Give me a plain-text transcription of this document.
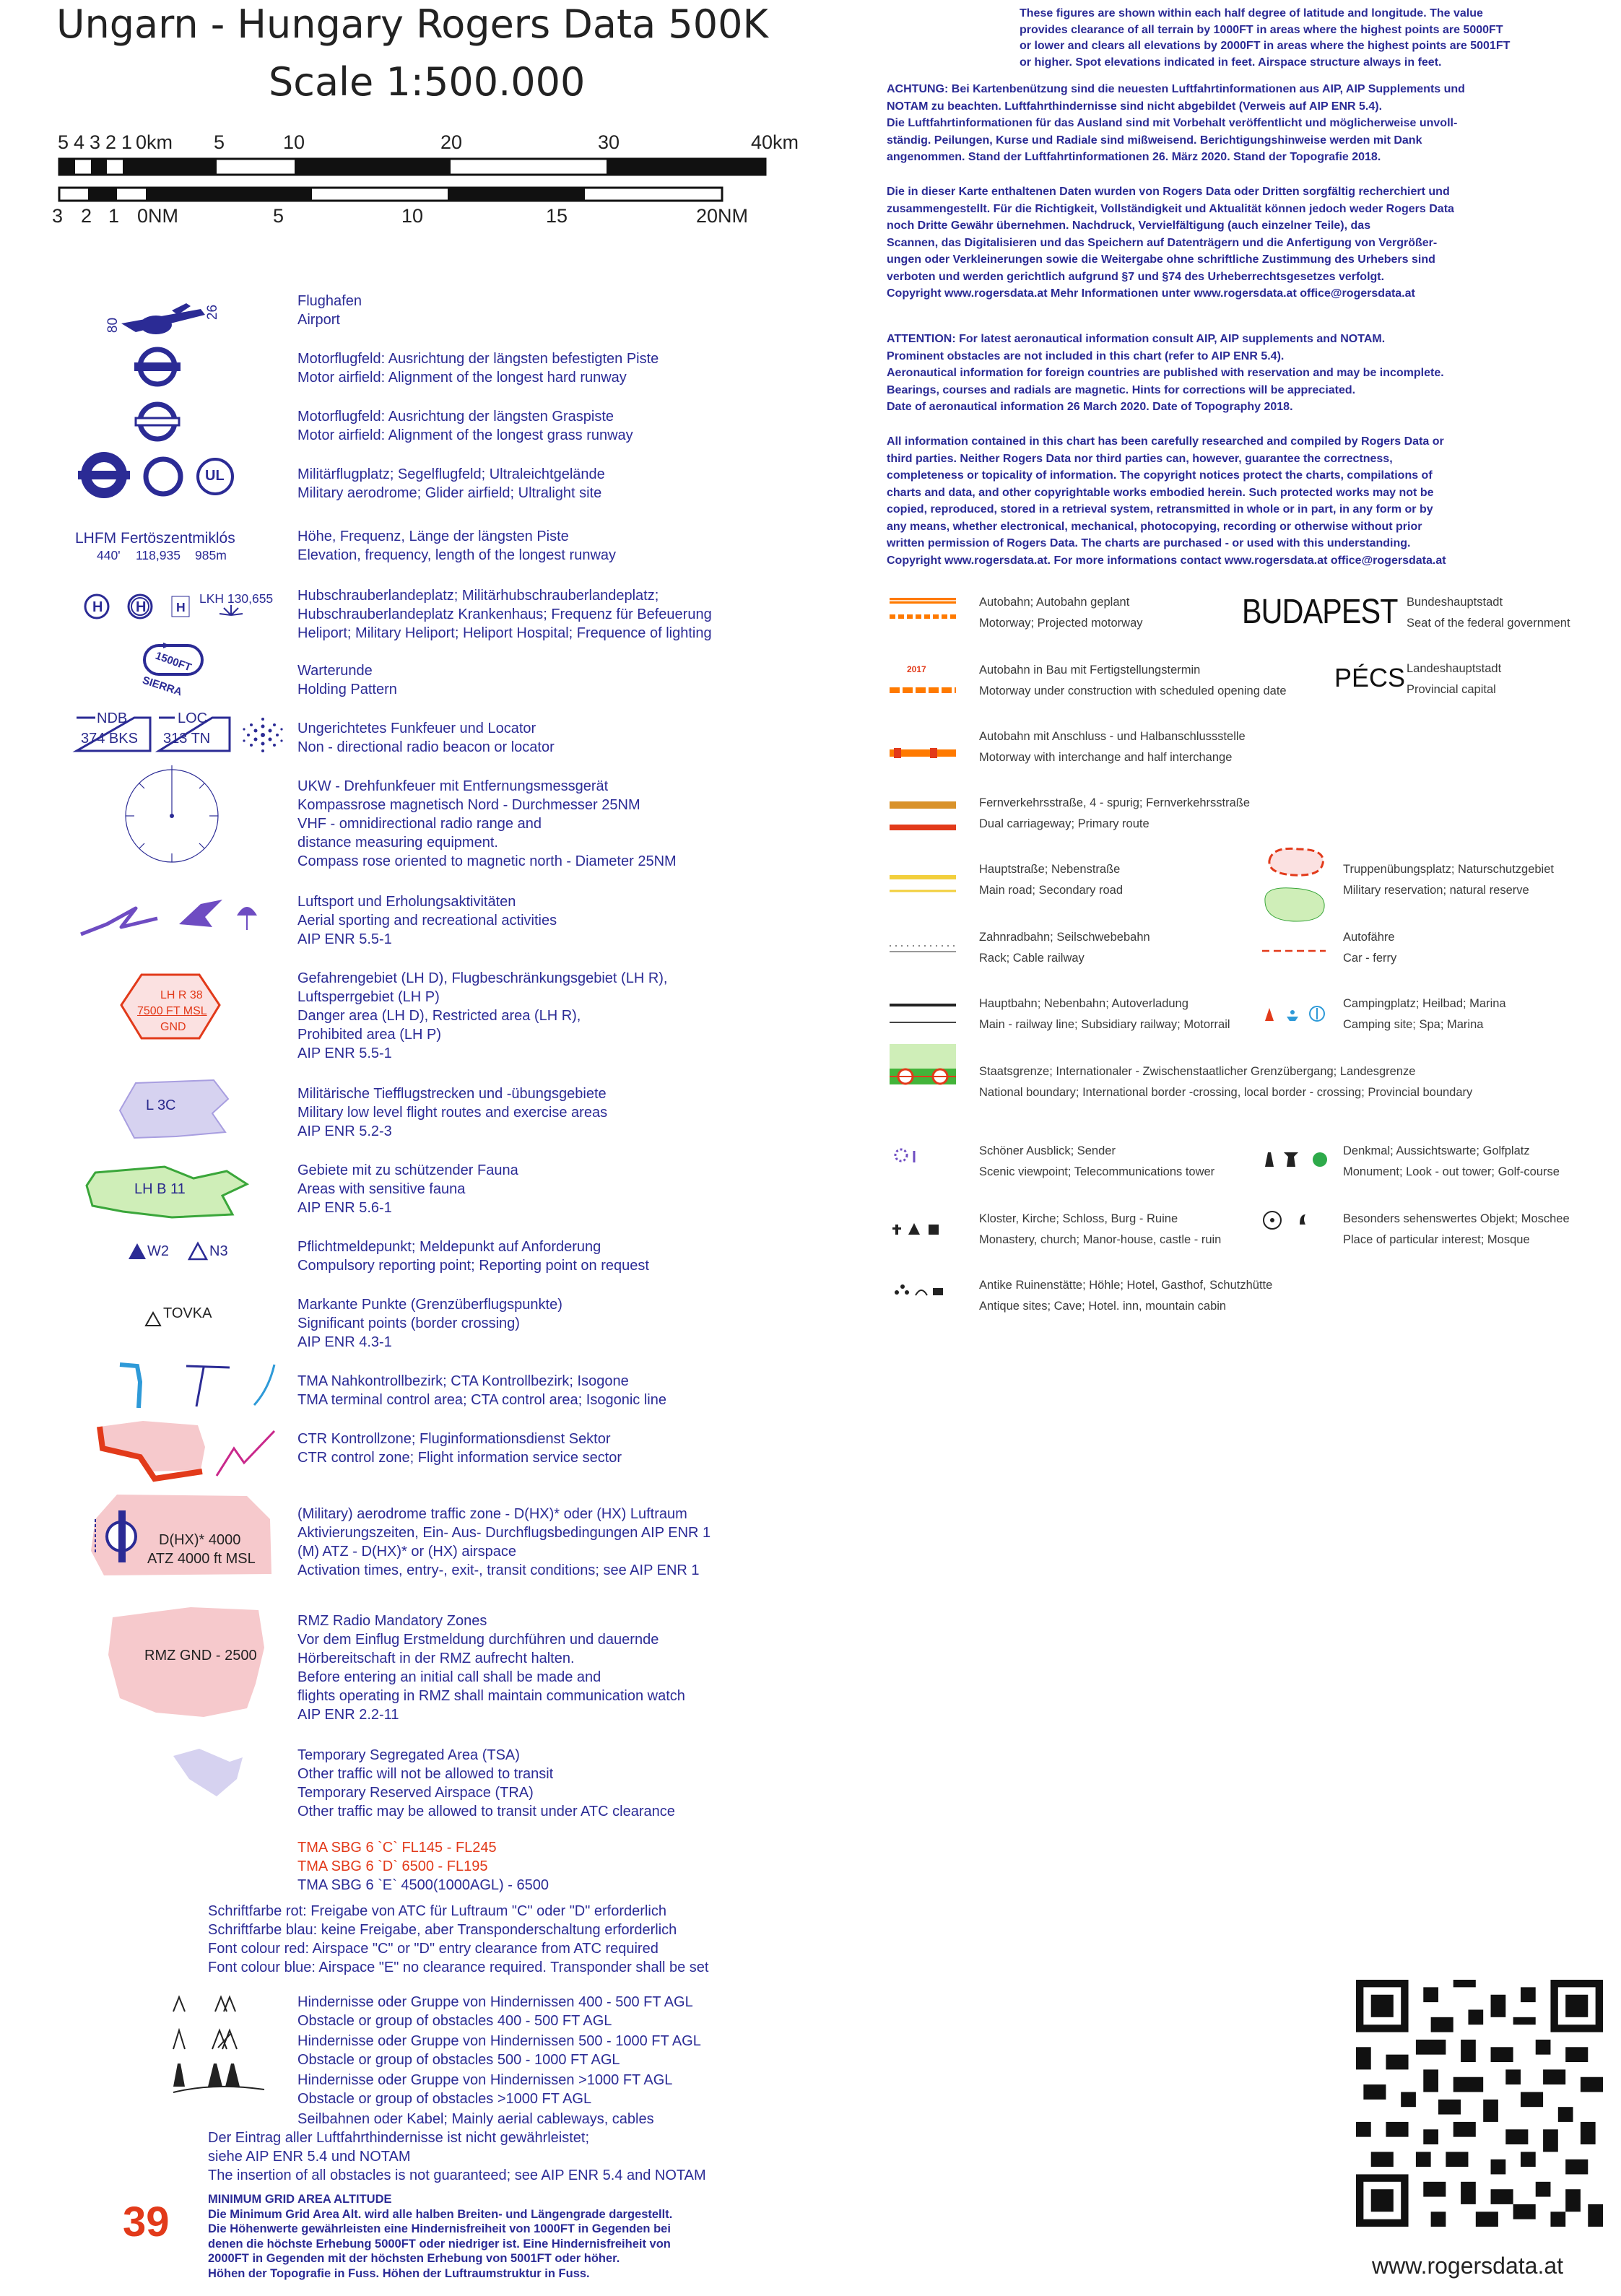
Ungarn - Hungary Rogers Data 500K
Scale 1:500.000
5 4 3 2 1 0km 5	10	20	30	40km
3 2 1 0NM	5	10	15	20NM
80
26
UL
LHFM Fertöszentmiklós
440' 118,935 985m
H H H
LKH 130,655
1500FT
SIERRA
NDB
374 BKS
LOC
313 TN
LH R 38
7500 FT MSL
GND
L 3C
LH B 11
W2	N3
TOVKA
D(HX)* 4000
ATZ 4000 ft MSL
RMZ GND - 2500
Flughafen
Airport
Motorflugfeld: Ausrichtung der längsten befestigten Piste
Motor airfield: Alignment of the longest hard runway
Motorflugfeld: Ausrichtung der längsten Graspiste
Motor airfield: Alignment of the longest grass runway
Militärflugplatz; Segelflugfeld; Ultraleichtgelände
Military aerodrome; Glider airfield; Ultralight site
Höhe, Frequenz, Länge der längsten Piste
Elevation, frequency, length of the longest runway
Hubschrauberlandeplatz; Militärhubschrauberlandeplatz;
Hubschrauberlandeplatz Krankenhaus; Frequenz für Befeuerung
Heliport; Military Heliport; Heliport Hospital; Frequence of lighting
Warterunde
Holding Pattern
Ungerichtetes Funkfeuer und Locator
Non - directional radio beacon or locator
UKW - Drehfunkfeuer mit Entfernungsmessgerät
Kompassrose magnetisch Nord - Durchmesser 25NM
VHF - omnidirectional radio range and
distance measuring equipment.
Compass rose oriented to magnetic north - Diameter 25NM
Luftsport und Erholungsaktivitäten
Aerial sporting and recreational activities
AIP ENR 5.5-1
Gefahrengebiet (LH D), Flugbeschränkungsgebiet (LH R),
Luftsperrgebiet (LH P)
Danger area (LH D), Restricted area (LH R),
Prohibited area (LH P)
AIP ENR 5.5-1
Militärische Tiefflugstrecken und -übungsgebiete
Military low level flight routes and exercise areas
AIP ENR 5.2-3
Gebiete mit zu schützender Fauna
Areas with sensitive fauna
AIP ENR 5.6-1
Pflichtmeldepunkt; Meldepunkt auf Anforderung
Compulsory reporting point; Reporting point on request
Markante Punkte (Grenzüberflugspunkte)
Significant points (border crossing)
AIP ENR 4.3-1
TMA Nahkontrollbezirk; CTA Kontrollbezirk; Isogone
TMA terminal control area; CTA control area; Isogonic line
CTR Kontrollzone; Fluginformationsdienst Sektor
CTR control zone; Flight information service sector
(Military) aerodrome traffic zone - D(HX)* oder (HX) Luftraum
Aktivierungszeiten, Ein- Aus- Durchflugsbedingungen AIP ENR 1
(M) ATZ - D(HX)* or (HX) airspace
Activation times, entry-, exit-, transit conditions; see AIP ENR 1
RMZ Radio Mandatory Zones
Vor dem Einflug Erstmeldung durchführen und dauernde
Hörbereitschaft in der RMZ aufrecht halten.
Before entering an initial call shall be made and
flights operating in RMZ shall maintain communication watch
AIP ENR 2.2-11
Temporary Segregated Area (TSA)
Other traffic will not be allowed to transit
Temporary Reserved Airspace (TRA)
Other traffic may be allowed to transit under ATC clearance
TMA SBG 6 `C` FL145 - FL245
TMA SBG 6 `D` 6500 - FL195
TMA SBG 6 `E` 4500(1000AGL) - 6500
Schriftfarbe rot: Freigabe von ATC für Luftraum "C" oder "D" erforderlich
Schriftfarbe blau: keine Freigabe, aber Transponderschaltung erforderlich
Font colour red: Airspace "C" or "D" entry clearance from ATC required
Font colour blue: Airspace "E" no clearance required. Transponder shall be set
Hindernisse oder Gruppe von Hindernissen 400 - 500 FT AGL
Obstacle or group of obstacles 400 - 500 FT AGL
Hindernisse oder Gruppe von Hindernissen 500 - 1000 FT AGL
Obstacle or group of obstacles 500 - 1000 FT AGL
Hindernisse oder Gruppe von Hindernissen >1000 FT AGL
Obstacle or group of obstacles >1000 FT AGL
Seilbahnen oder Kabel; Mainly aerial cableways, cables
Der Eintrag aller Luftfahrthindernisse ist nicht gewährleistet;
siehe AIP ENR 5.4 und NOTAM
The insertion of all obstacles is not guaranteed; see AIP ENR 5.4 and NOTAM
MINIMUM GRID AREA ALTITUDE
Die Minimum Grid Area Alt. wird alle halben Breiten- und Längengrade dargestellt.
Die Höhenwerte gewährleisten eine Hindernisfreiheit von 1000FT in Gegenden bei
denen die höchste Erhebung 5000FT oder niedriger ist. Eine Hindernisfreiheit von
2000FT in Gegenden mit der höchsten Erhebung von 5001FT oder höher.
Höhen der Topografie in Fuss. Höhen der Luftraumstruktur in Fuss.
39
These figures are shown within each half degree of latitude and longitude. The value
provides clearance of all terrain by 1000FT in areas where the highest points are 5000FT
or lower and clears all elevations by 2000FT in areas where the highest points are 5001FT
or higher. Spot elevations indicated in feet. Airspace structure always in feet.
ACHTUNG: Bei Kartenbenützung sind die neuesten Luftfahrtinformationen aus AIP, AIP Supplements und
NOTAM zu beachten. Luftfahrthindernisse sind nicht abgebildet (Verweis auf AIP ENR 5.4).
Die Luftfahrtinformationen für das Ausland sind mit Vorbehalt veröffentlicht und möglicherweise unvoll-
ständig. Peilungen, Kurse und Radiale sind mißweisend. Berichtigungshinweise werden mit Dank
angenommen. Stand der Luftfahrtinformationen 26. März 2020. Stand der Topografie 2018.
Die in dieser Karte enthaltenen Daten wurden von Rogers Data oder Dritten sorgfältig recherchiert und
zusammengestellt. Für die Richtigkeit, Vollständigkeit und Aktualität können jedoch weder Rogers Data
noch Dritte Gewähr übernehmen. Nachdruck, Vervielfältigung (auch einzelner Teile), das
Scannen, das Digitalisieren und das Speichern auf Datenträgern und die Anfertigung von Vergrößer-
ungen oder Verkleinerungen sowie die Weitergabe ohne schriftliche Zustimmung des Urhebers sind
verboten und werden gerichtlich aufgrund §7 und §74 des Urheberrechtsgesetzes verfolgt.
Copyright www.rogersdata.at Mehr Informationen unter www.rogersdata.at office@rogersdata.at
ATTENTION: For latest aeronautical information consult AIP, AIP supplements and NOTAM.
Prominent obstacles are not included in this chart (refer to AIP ENR 5.4).
Aeronautical information for foreign countries are published with reservation and may be incomplete.
Bearings, courses and radials are magnetic. Hints for corrections will be appreciated.
Date of aeronautical information 26 March 2020. Date of Topography 2018.
All information contained in this chart has been carefully researched and compiled by Rogers Data or
third parties. Neither Rogers Data nor third parties can, however, guarantee the correctness,
completeness or topicality of information. The copyright notices protect the charts, compilations of
charts and data, and other copyrightable works embodied herein. Such protected works may not be
copied, reproduced, stored in a retrieval system, retransmitted in whole or in part, in any form or by
any means, whether electronical, mechanical, photocopying, recording or otherwise without prior
written permission of Rogers Data. The charts are purchased - or used with this understanding.
Copyright www.rogersdata.at. For more informations contact www.rogersdata.at office@rogersdata.at
2017
Autobahn; Autobahn geplant
Motorway; Projected motorway
Autobahn in Bau mit Fertigstellungstermin
Motorway under construction with scheduled opening date
Autobahn mit Anschluss - und Halbanschlussstelle
Motorway with interchange and half interchange
Fernverkehrsstraße, 4 - spurig; Fernverkehrsstraße
Dual carriageway; Primary route
Hauptstraße; Nebenstraße
Main road; Secondary road
Zahnradbahn; Seilschwebebahn
Rack; Cable railway
Hauptbahn; Nebenbahn; Autoverladung
Main - railway line; Subsidiary railway; Motorrail
Staatsgrenze; Internationaler - Zwischenstaatlicher Grenzübergang; Landesgrenze
National boundary; International border -crossing, local border - crossing; Provincial boundary
Schöner Ausblick; Sender
Scenic viewpoint; Telecommunications tower
Kloster, Kirche; Schloss, Burg - Ruine
Monastery, church; Manor-house, castle - ruin
Antike Ruinenstätte; Höhle; Hotel, Gasthof, Schutzhütte
Antique sites; Cave; Hotel. inn, mountain cabin
BUDAPEST
PÉCS
Bundeshauptstadt
Seat of the federal government
Landeshauptstadt
Provincial capital
Truppenübungsplatz; Naturschutzgebiet
Military reservation; natural reserve
Autofähre
Car - ferry
Campingplatz; Heilbad; Marina
Camping site; Spa; Marina
Denkmal; Aussichtswarte; Golfplatz
Monument; Look - out tower; Golf-course
Besonders sehenswertes Objekt; Moschee
Place of particular interest; Mosque
www.rogersdata.at
